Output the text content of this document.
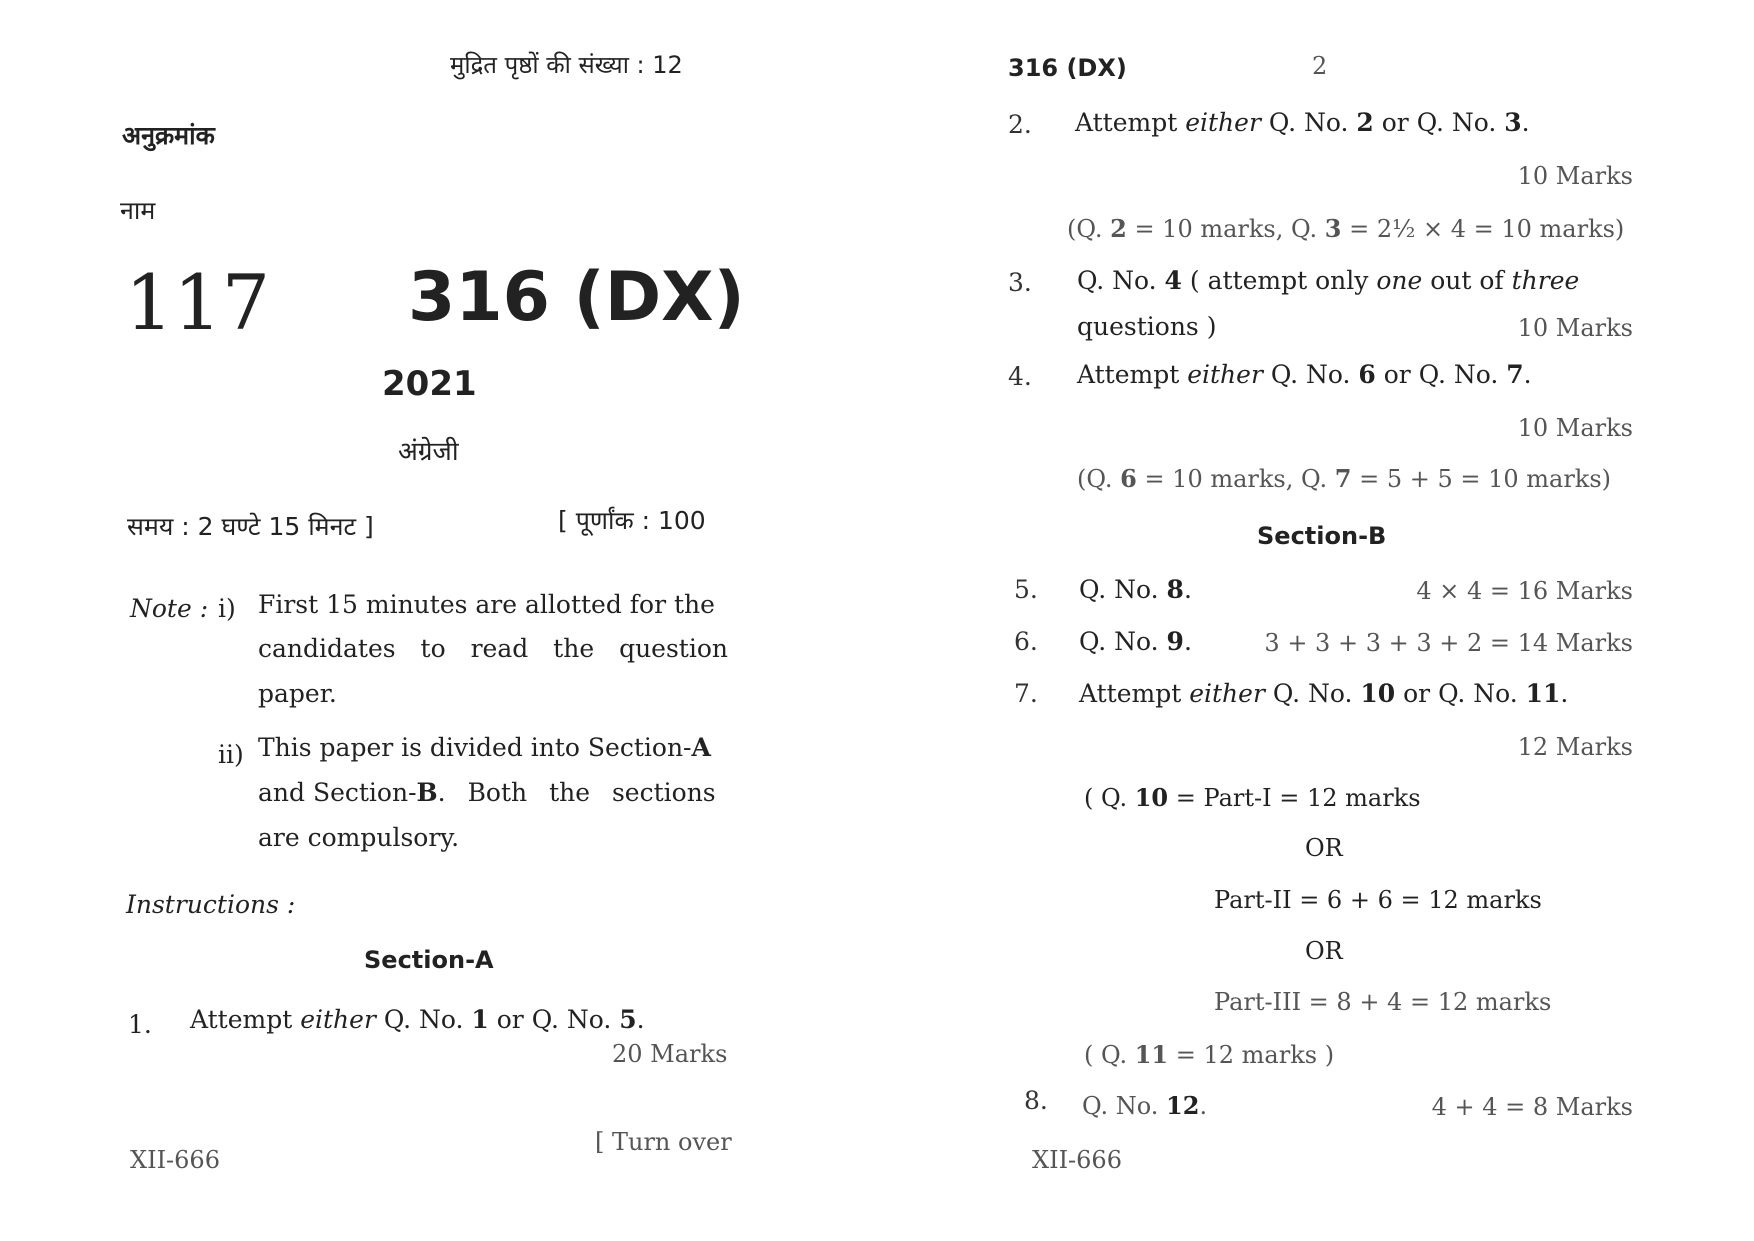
मुद्रित पृष्ठों की संख्या : 12
अनुक्रमांक
नाम
117 316 (DX)
2021
अंग्रेजी
समय : 2 घण्टे 15 मिनट ]	[ पूर्णांक : 100
Note : i) First 15 minutes are allotted for the
candidates to read the question
paper.
ii) This paper is divided into Section-A
and Section-B. Both the sections
are compulsory.
Instructions :
Section-A
1. Attempt either Q. No. 1 or Q. No. 5.
20 Marks
XII-666
[ Turn over
316 (DX)	2
2. Attempt either Q. No. 2 or Q. No. 3.
10 Marks
(Q. 2 = 10 marks, Q. 3 = 2½ × 4 = 10 marks)
3. Q. No. 4 ( attempt only one out of three
questions )	10 Marks
4. Attempt either Q. No. 6 or Q. No. 7.
10 Marks
(Q. 6 = 10 marks, Q. 7 = 5 + 5 = 10 marks)
Section-B
5. Q. No. 8.	4 × 4 = 16 Marks
6. Q. No. 9.	3 + 3 + 3 + 3 + 2 = 14 Marks
7. Attempt either Q. No. 10 or Q. No. 11.
12 Marks
( Q. 10 = Part-I = 12 marks
OR
Part-II = 6 + 6 = 12 marks
OR
Part-III = 8 + 4 = 12 marks
( Q. 11 = 12 marks )
8. Q. No. 12.	4 + 4 = 8 Marks
XII-666
